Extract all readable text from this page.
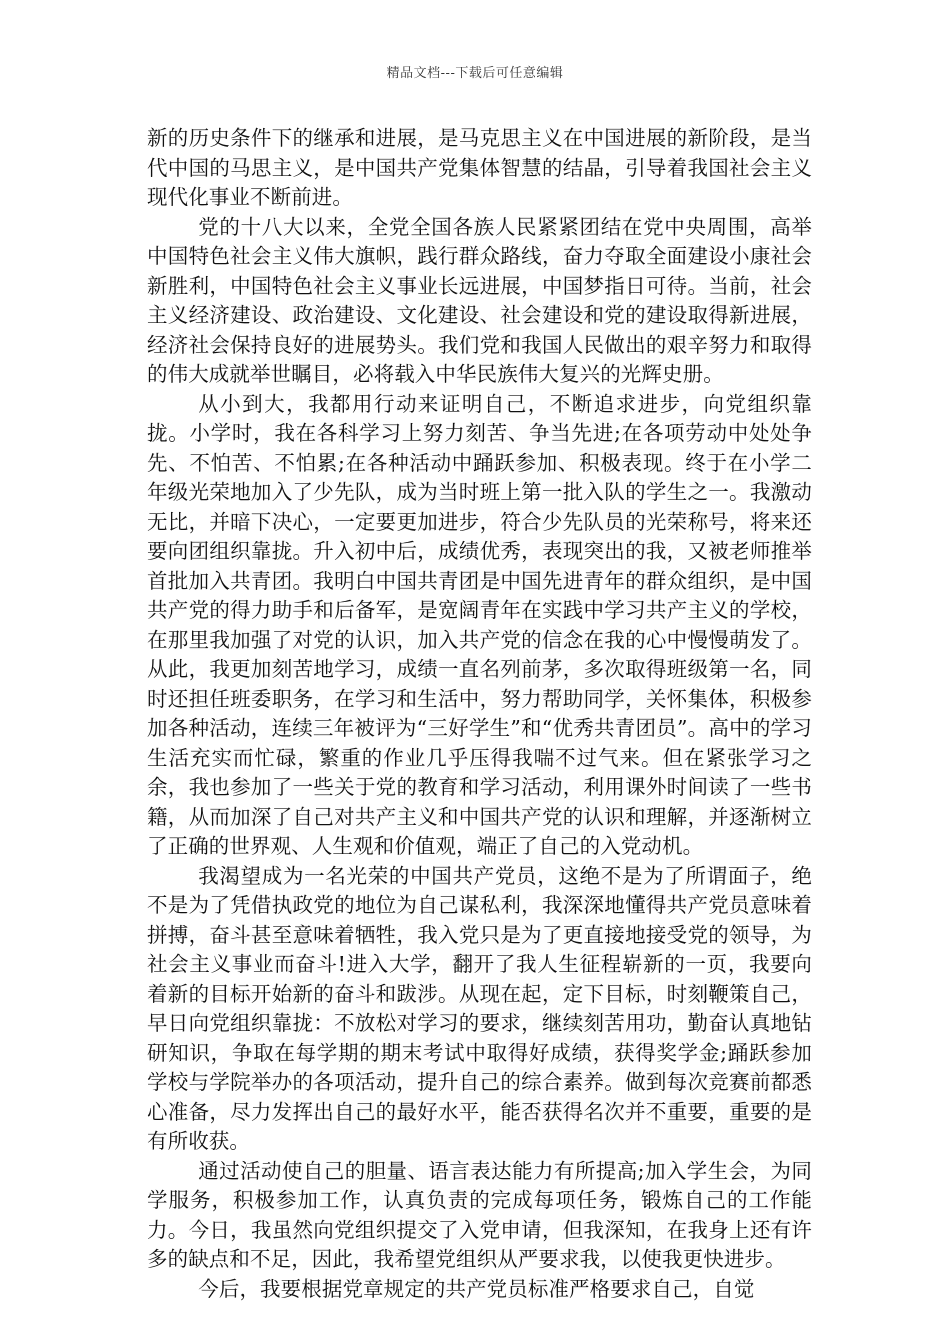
精品文档---下载后可任意编辑

新的历史条件下的继承和进展，是马克思主义在中国进展的新阶段，是当代中国的马思主义，是中国共产党集体智慧的结晶，引导着我国社会主义现代化事业不断前进。

党的十八大以来，全党全国各族人民紧紧团结在党中央周围，高举中国特色社会主义伟大旗帜，践行群众路线，奋力夺取全面建设小康社会新胜利，中国特色社会主义事业长远进展，中国梦指日可待。当前，社会主义经济建设、政治建设、文化建设、社会建设和党的建设取得新进展，经济社会保持良好的进展势头。我们党和我国人民做出的艰辛努力和取得的伟大成就举世瞩目，必将载入中华民族伟大复兴的光辉史册。

从小到大，我都用行动来证明自己，不断追求进步，向党组织靠拢。小学时，我在各科学习上努力刻苦、争当先进;在各项劳动中处处争先、不怕苦、不怕累;在各种活动中踊跃参加、积极表现。终于在小学二年级光荣地加入了少先队，成为当时班上第一批入队的学生之一。我激动无比，并暗下决心，一定要更加进步，符合少先队员的光荣称号，将来还要向团组织靠拢。升入初中后，成绩优秀，表现突出的我，又被老师推举首批加入共青团。我明白中国共青团是中国先进青年的群众组织，是中国共产党的得力助手和后备军，是宽阔青年在实践中学习共产主义的学校，在那里我加强了对党的认识，加入共产党的信念在我的心中慢慢萌发了。从此，我更加刻苦地学习，成绩一直名列前茅，多次取得班级第一名，同时还担任班委职务，在学习和生活中，努力帮助同学，关怀集体，积极参加各种活动，连续三年被评为“三好学生”和“优秀共青团员”。高中的学习生活充实而忙碌，繁重的作业几乎压得我喘不过气来。但在紧张学习之余，我也参加了一些关于党的教育和学习活动，利用课外时间读了一些书籍，从而加深了自己对共产主义和中国共产党的认识和理解，并逐渐树立了正确的世界观、人生观和价值观，端正了自己的入党动机。

我渴望成为一名光荣的中国共产党员，这绝不是为了所谓面子，绝不是为了凭借执政党的地位为自己谋私利，我深深地懂得共产党员意味着拼搏，奋斗甚至意味着牺牲，我入党只是为了更直接地接受党的领导，为社会主义事业而奋斗!进入大学，翻开了我人生征程崭新的一页，我要向着新的目标开始新的奋斗和跋涉。从现在起，定下目标，时刻鞭策自己，早日向党组织靠拢：不放松对学习的要求，继续刻苦用功，勤奋认真地钻研知识，争取在每学期的期末考试中取得好成绩，获得奖学金;踊跃参加学校与学院举办的各项活动，提升自己的综合素养。做到每次竞赛前都悉心准备，尽力发挥出自己的最好水平，能否获得名次并不重要，重要的是有所收获。

通过活动使自己的胆量、语言表达能力有所提高;加入学生会，为同学服务，积极参加工作，认真负责的完成每项任务，锻炼自己的工作能力。今日，我虽然向党组织提交了入党申请，但我深知，在我身上还有许多的缺点和不足，因此，我希望党组织从严要求我，以使我更快进步。

今后，我要根据党章规定的共产党员标准严格要求自己，自觉
